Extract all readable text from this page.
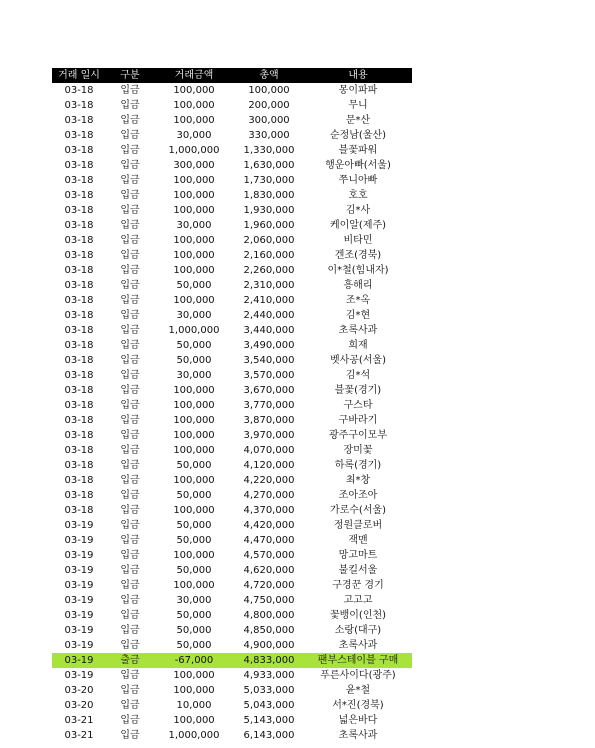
거래 일시	구분	거래금액	총액	내용
03-18	입금	100,000	100,000	몽이파파
03-18	입금	100,000	200,000	무니
03-18	입금	100,000	300,000	문*산
03-18	입금	30,000	330,000	순정남(울산)
03-18	입금	1,000,000	1,330,000	블꽃파워
03-18	입금	300,000	1,630,000	행운아빠(서울)
03-18	입금	100,000	1,730,000	쭈니아빠
03-18	입금	100,000	1,830,000	호호
03-18	입금	100,000	1,930,000	김*사
03-18	입금	30,000	1,960,000	케이알(제주)
03-18	입금	100,000	2,060,000	비타민
03-18	입금	100,000	2,160,000	겐조(경북)
03-18	입금	100,000	2,260,000	이*철(힘내자)
03-18	입금	50,000	2,310,000	흥해리
03-18	입금	100,000	2,410,000	조*옥
03-18	입금	30,000	2,440,000	김*현
03-18	입금	1,000,000	3,440,000	초록사과
03-18	입금	50,000	3,490,000	희재
03-18	입금	50,000	3,540,000	벳사공(서울)
03-18	입금	30,000	3,570,000	김*석
03-18	입금	100,000	3,670,000	블꽃(경기)
03-18	입금	100,000	3,770,000	구스타
03-18	입금	100,000	3,870,000	구바라기
03-18	입금	100,000	3,970,000	광주구이모부
03-18	입금	100,000	4,070,000	장미꽃
03-18	입금	50,000	4,120,000	하록(경기)
03-18	입금	100,000	4,220,000	최*창
03-18	입금	50,000	4,270,000	조아조아
03-18	입금	100,000	4,370,000	가로수(서울)
03-19	입금	50,000	4,420,000	정원클로버
03-19	입금	50,000	4,470,000	잭맨
03-19	입금	100,000	4,570,000	망고마트
03-19	입금	50,000	4,620,000	불킬서울
03-19	입금	100,000	4,720,000	구경꾼 경기
03-19	입금	30,000	4,750,000	고고고
03-19	입금	50,000	4,800,000	꽃뱅이(인천)
03-19	입금	50,000	4,850,000	소랑(대구)
03-19	입금	50,000	4,900,000	초록사과
03-19	출금	-67,000	4,833,000	팬부스테이블 구매
03-19	입금	100,000	4,933,000	푸른사이다(광주)
03-20	입금	100,000	5,033,000	윤*철
03-20	입금	10,000	5,043,000	서*진(경북)
03-21	입금	100,000	5,143,000	넓은바다
03-21	입금	1,000,000	6,143,000	초록사과
